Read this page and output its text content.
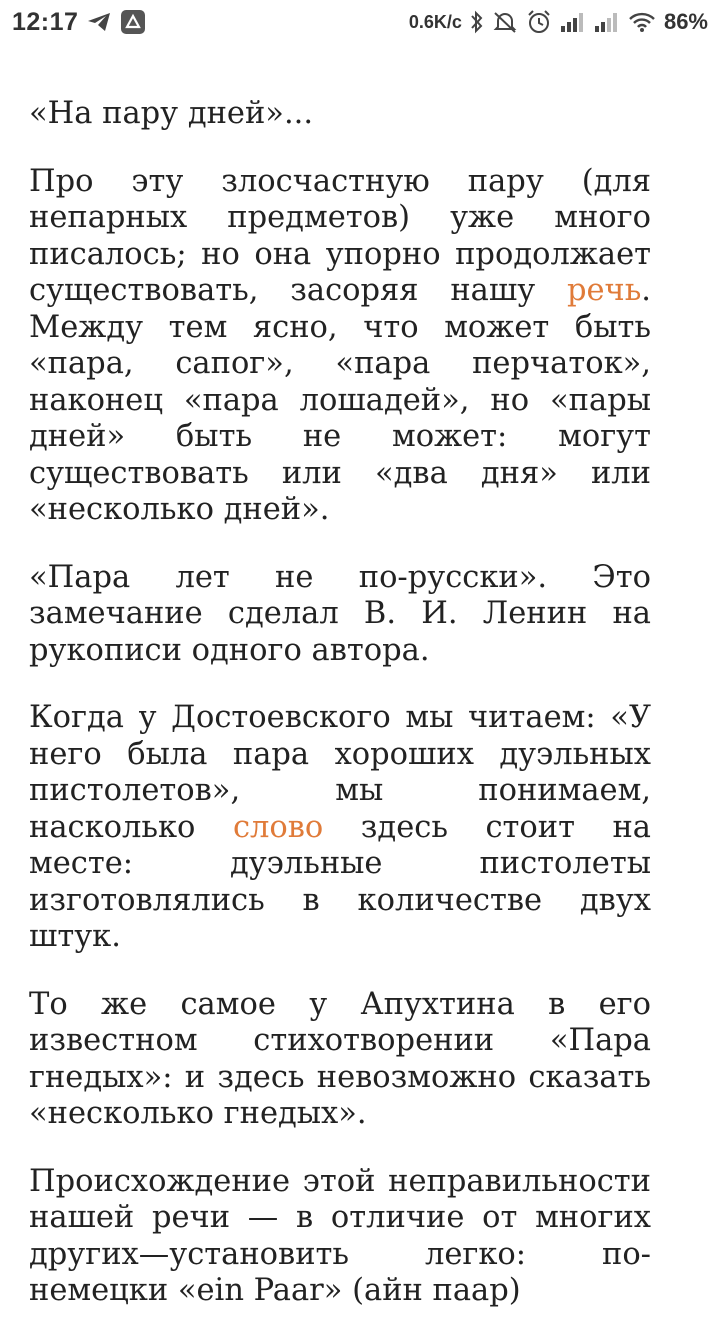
12:17	0.6K/c	86%

«На пару дней»...

Про эту злосчастную пару (для непарных предметов) уже много писалось; но она упорно продолжает существовать, засоряя нашу речь. Между тем ясно, что может быть «пара, сапог», «пара перчаток», наконец «пара лошадей», но «пары дней» быть не может: могут существовать или «два дня» или «несколько дней».

«Пара лет не по-русски». Это замечание сделал В. И. Ленин на рукописи одного автора.

Когда у Достоевского мы читаем: «У него была пара хороших дуэльных пистолетов», мы понимаем, насколько слово здесь стоит на месте: дуэльные пистолеты изготовлялись в количестве двух штук.

То же самое у Апухтина в его известном стихотворении «Пара гнедых»: и здесь невозможно сказать «несколько гнедых».

Происхождение этой неправильности нашей речи — в отличие от многих других—установить легко: по-немецки «ein Paar» (айн паар)
